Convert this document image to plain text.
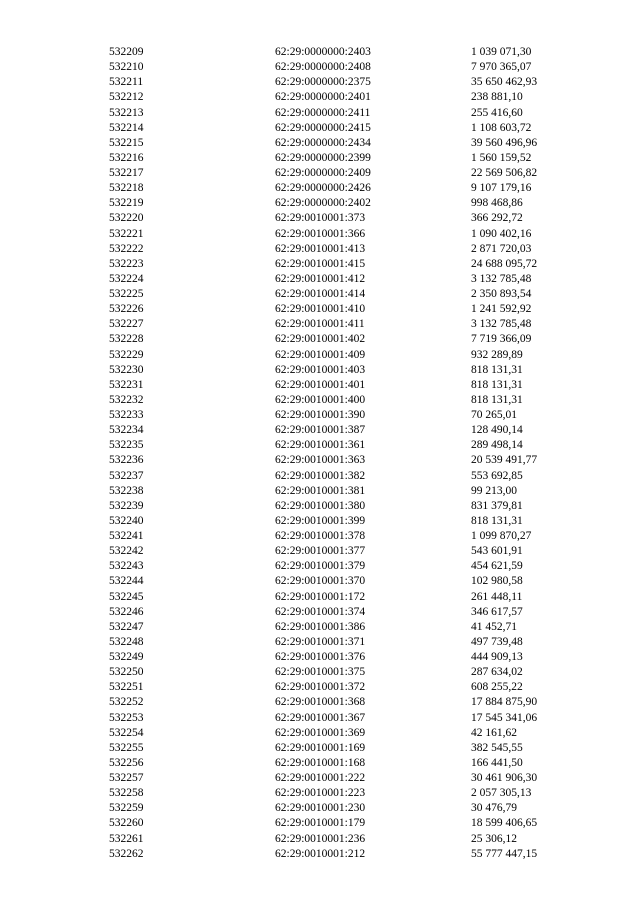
532209	62:29:0000000:2403	1 039 071,30
532210	62:29:0000000:2408	7 970 365,07
532211	62:29:0000000:2375	35 650 462,93
532212	62:29:0000000:2401	238 881,10
532213	62:29:0000000:2411	255 416,60
532214	62:29:0000000:2415	1 108 603,72
532215	62:29:0000000:2434	39 560 496,96
532216	62:29:0000000:2399	1 560 159,52
532217	62:29:0000000:2409	22 569 506,82
532218	62:29:0000000:2426	9 107 179,16
532219	62:29:0000000:2402	998 468,86
532220	62:29:0010001:373	366 292,72
532221	62:29:0010001:366	1 090 402,16
532222	62:29:0010001:413	2 871 720,03
532223	62:29:0010001:415	24 688 095,72
532224	62:29:0010001:412	3 132 785,48
532225	62:29:0010001:414	2 350 893,54
532226	62:29:0010001:410	1 241 592,92
532227	62:29:0010001:411	3 132 785,48
532228	62:29:0010001:402	7 719 366,09
532229	62:29:0010001:409	932 289,89
532230	62:29:0010001:403	818 131,31
532231	62:29:0010001:401	818 131,31
532232	62:29:0010001:400	818 131,31
532233	62:29:0010001:390	70 265,01
532234	62:29:0010001:387	128 490,14
532235	62:29:0010001:361	289 498,14
532236	62:29:0010001:363	20 539 491,77
532237	62:29:0010001:382	553 692,85
532238	62:29:0010001:381	99 213,00
532239	62:29:0010001:380	831 379,81
532240	62:29:0010001:399	818 131,31
532241	62:29:0010001:378	1 099 870,27
532242	62:29:0010001:377	543 601,91
532243	62:29:0010001:379	454 621,59
532244	62:29:0010001:370	102 980,58
532245	62:29:0010001:172	261 448,11
532246	62:29:0010001:374	346 617,57
532247	62:29:0010001:386	41 452,71
532248	62:29:0010001:371	497 739,48
532249	62:29:0010001:376	444 909,13
532250	62:29:0010001:375	287 634,02
532251	62:29:0010001:372	608 255,22
532252	62:29:0010001:368	17 884 875,90
532253	62:29:0010001:367	17 545 341,06
532254	62:29:0010001:369	42 161,62
532255	62:29:0010001:169	382 545,55
532256	62:29:0010001:168	166 441,50
532257	62:29:0010001:222	30 461 906,30
532258	62:29:0010001:223	2 057 305,13
532259	62:29:0010001:230	30 476,79
532260	62:29:0010001:179	18 599 406,65
532261	62:29:0010001:236	25 306,12
532262	62:29:0010001:212	55 777 447,15
